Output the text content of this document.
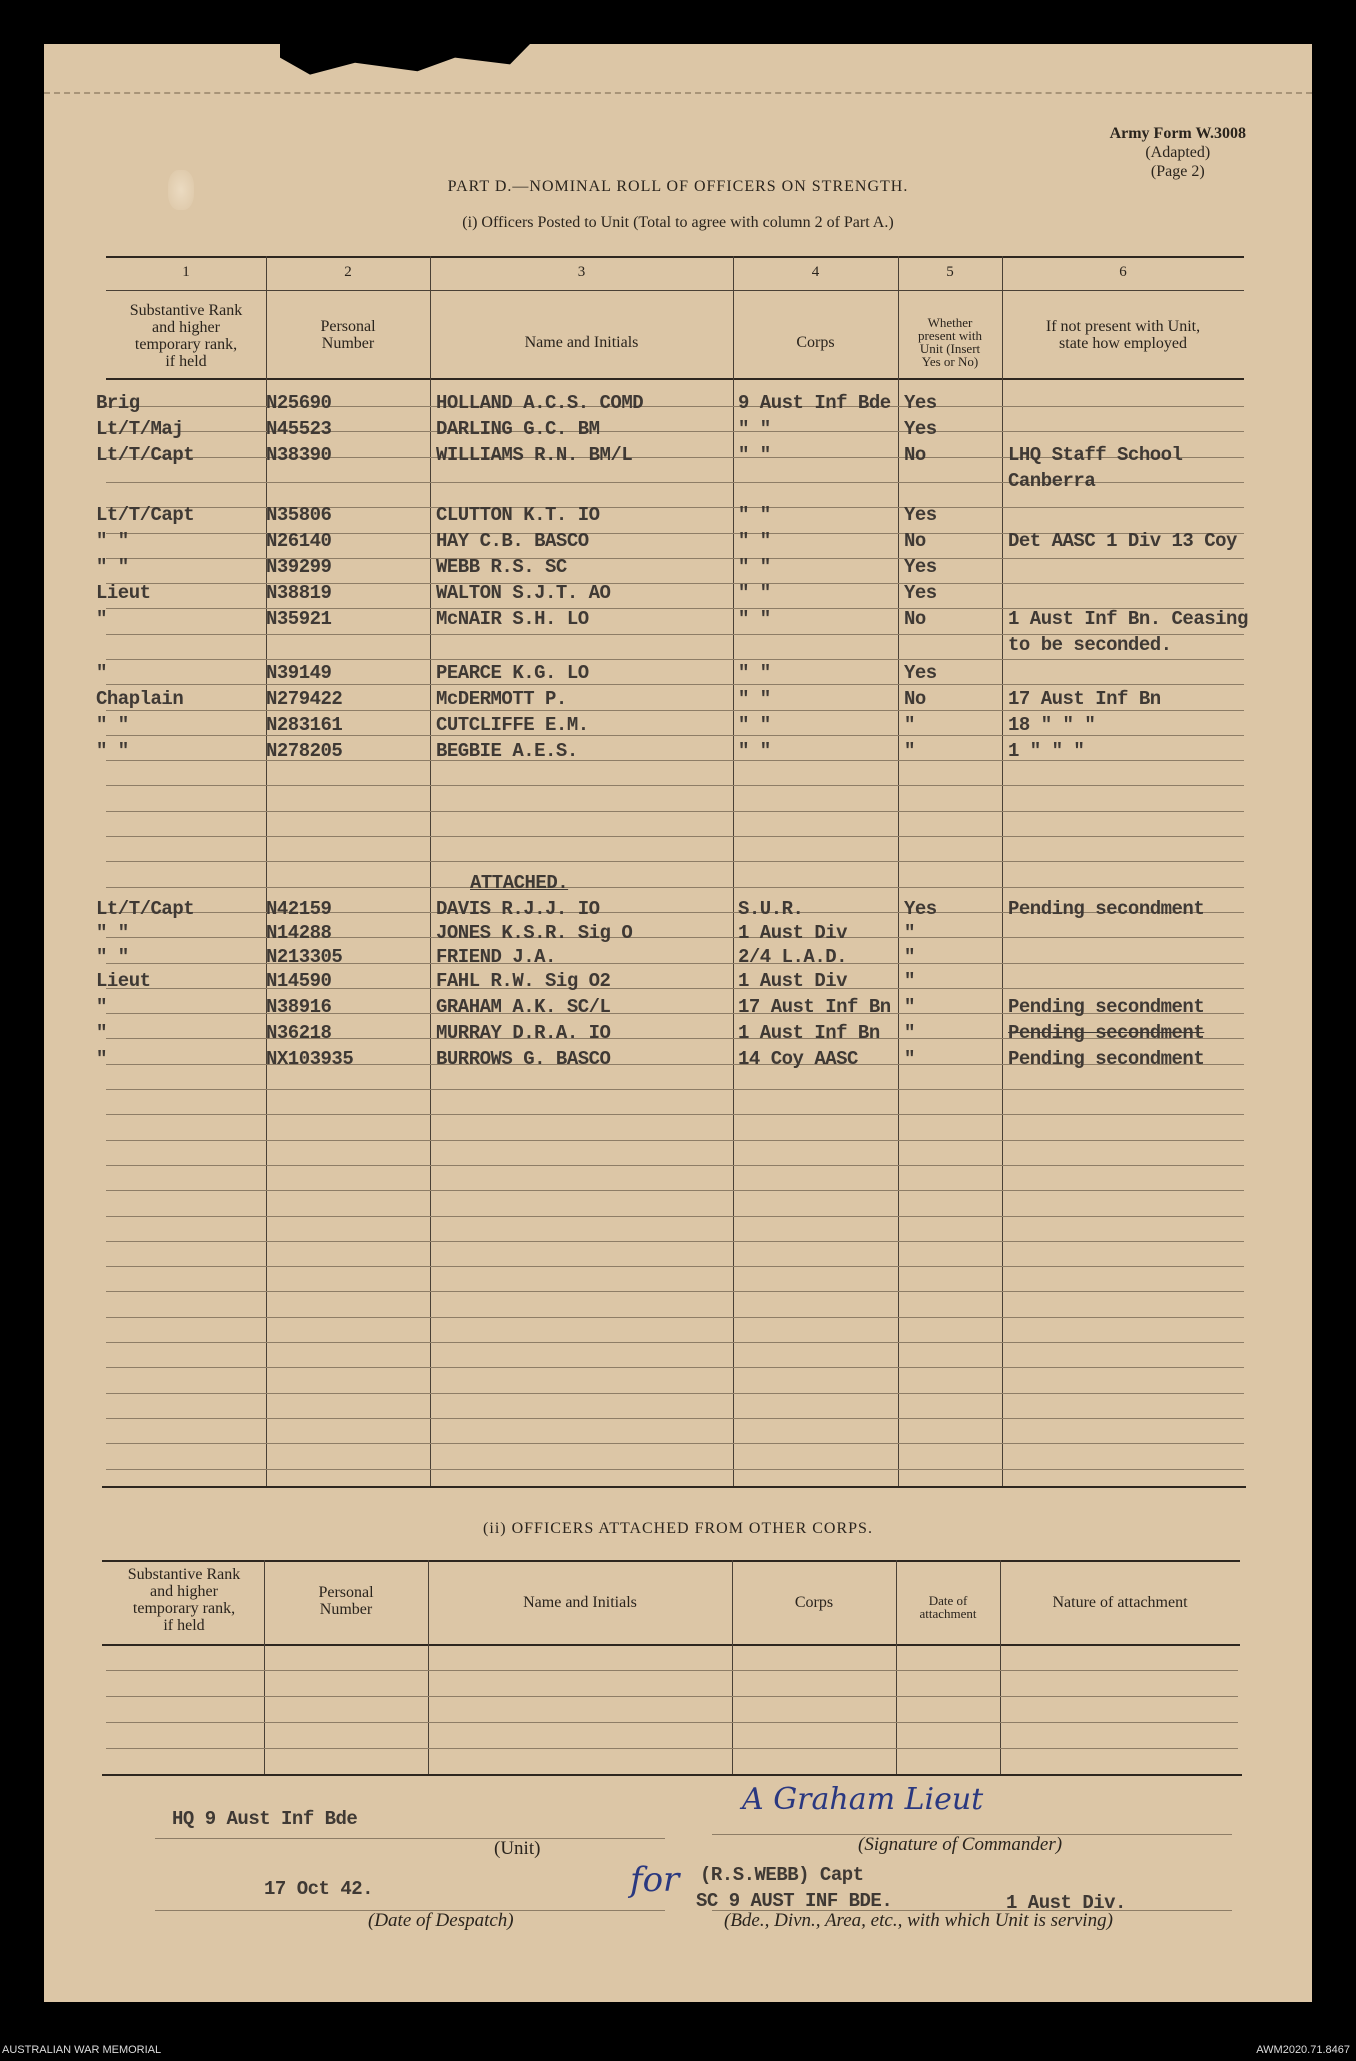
Army Form W.3008
(Adapted)
(Page 2)
PART D.—NOMINAL ROLL OF OFFICERS ON STRENGTH.
(i) Officers Posted to Unit (Total to agree with column 2 of Part A.)
1	2	3	4	5	6
Substantive Rank
and higher
temporary rank,
if held
Personal
Number	Name and Initials	Corps
Whether
present with
Unit (Insert
Yes or No)
If not present with Unit,
state how employed
Brig	N25690	HOLLAND A.C.S. COMD	9 Aust Inf Bde Yes
Lt/T/Maj	N45523	DARLING G.C. BM	" "	Yes
Lt/T/Capt	N38390	WILLIAMS R.N. BM/L	" "	No	LHQ Staff School
Canberra
Lt/T/Capt	N35806	CLUTTON K.T. IO	" "	Yes
" "	N26140	HAY C.B. BASCO	" "	No	Det AASC 1 Div 13 Coy
" "	N39299	WEBB R.S. SC	" "	Yes
Lieut	N38819	WALTON S.J.T. AO	" "	Yes
"	N35921	McNAIR S.H. LO	" "	No	1 Aust Inf Bn. Ceasing
to be seconded.
"	N39149	PEARCE K.G. LO	" "	Yes
Chaplain	N279422	McDERMOTT P.	" "	No	17 Aust Inf Bn
" "	N283161	CUTCLIFFE E.M.	" "	"	18 " " "
" "	N278205	BEGBIE A.E.S.	" "	"	1 " " "
ATTACHED.
Lt/T/Capt	N42159	DAVIS R.J.J. IO	S.U.R.	Yes	Pending secondment
" "	N14288	JONES K.S.R. Sig O	1 Aust Div	"
" "	N213305	FRIEND J.A.	2/4 L.A.D.	"
Lieut	N14590	FAHL R.W. Sig O2	1 Aust Div	"
"	N38916	GRAHAM A.K. SC/L	17 Aust Inf Bn "	Pending secondment
"	N36218	MURRAY D.R.A. IO	1 Aust Inf Bn "	Pending secondment
"	NX103935	BURROWS G. BASCO	14 Coy AASC "	Pending secondment
(ii) OFFICERS ATTACHED FROM OTHER CORPS.
Substantive Rank
and higher
temporary rank,
if held
Personal
Number	Name and Initials	Corps	Date of
attachment
Nature of attachment
HQ 9 Aust Inf Bde
(Unit)
A Graham Lieut
(Signature of Commander)
for (R.S.WEBB) Capt
SC 9 AUST INF BDE.	1 Aust Div.
17 Oct 42.
(Date of Despatch)	(Bde., Divn., Area, etc., with which Unit is serving)
AUSTRALIAN WAR MEMORIAL	AWM2020.71.8467
